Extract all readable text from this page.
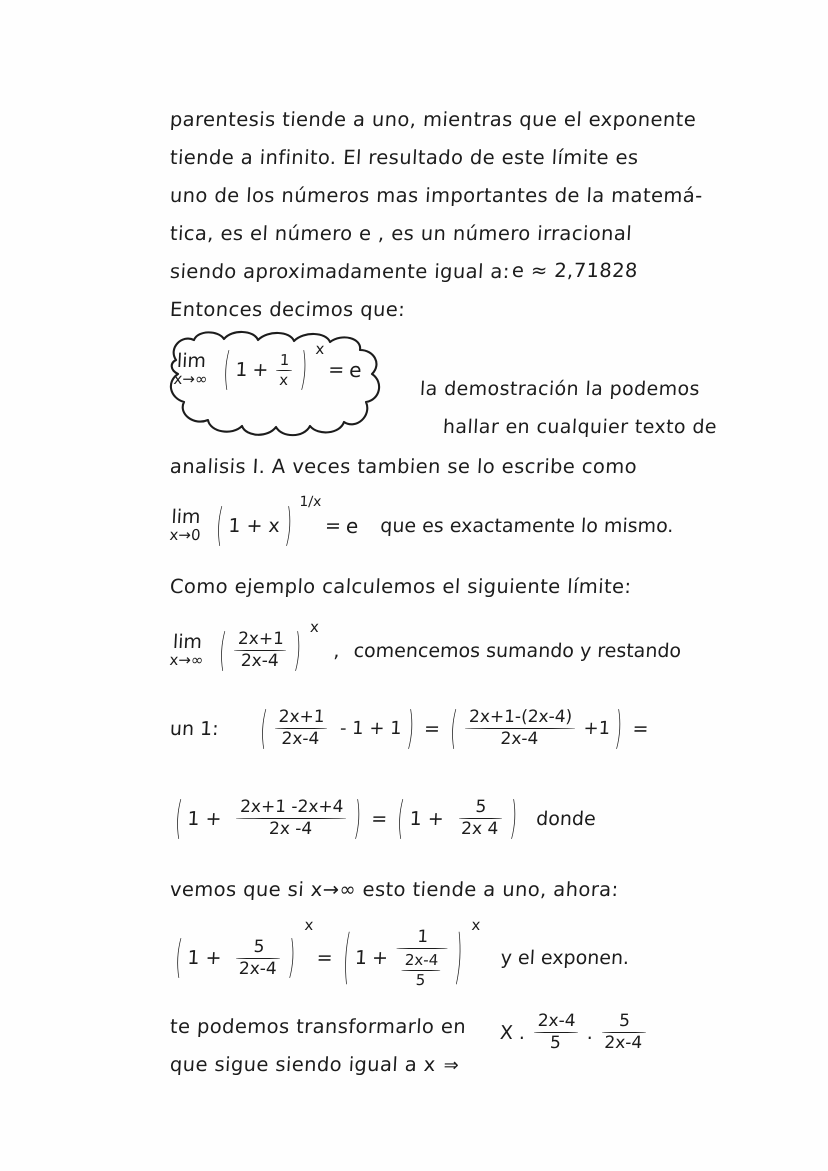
parentesis tiende a uno, mientras que el exponente
tiende a infinito. El resultado de este límite es
uno de los números mas importantes de la matemá-
tica, es el número e , es un número irracional
siendo aproximadamente igual a: e ≈ 2,71828
Entonces decimos que:
lim
x→∞ ( $1 + \frac{1}{x}$ ) x
= e
la demostración la podemos
hallar en cualquier texto de
analisis I. A veces tambien se lo escribe como
lim
x→0 ( 1 + x ) 1/x
= e que es exactamente lo mismo.
Como ejemplo calculemos el siguiente límite:
lim
x→∞ ( $\frac{2x+1}{2x-4}$ ) x
, comencemos sumando y restando
un 1: ( $\frac{2x+1}{2x-4} - 1 + 1$ ) = ( $\frac{2x+1-(2x-4)}{2x-4} +1$ ) =
( $1 + \frac{2x+1 -2x+4}{2x -4}$ ) = ( $1 + \frac{5}{2x 4}$ ) donde
vemos que si x→∞ esto tiende a uno, ahora:
( $1 + \frac{5}{2x-4}$ )
x
= ( $1 + \frac{1}{\frac{2x-4}{5}}$ ) x
y el exponen.
te podemos transformarlo en X . $\frac{2x-4}{5}$ . $\frac{5}{2x-4}$
que sigue siendo igual a x ⇒
